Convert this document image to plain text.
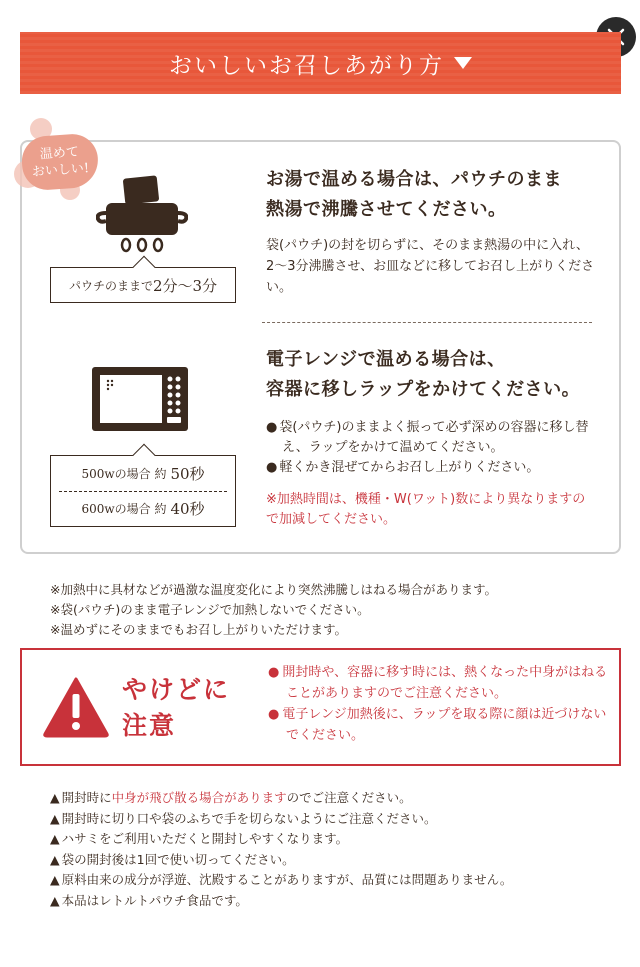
おいしいお召しあがり方
温めて
おいしい!
パウチのままで 2分〜3分
お湯で温める場合は、パウチのまま
熱湯で沸騰させてください。
袋(パウチ)の封を切らずに、そのまま熱湯の中に入れ、2〜3分沸騰させ、お皿などに移してお召し上がりください。
500wの場合 約 50秒
600wの場合 約 40秒
電子レンジで温める場合は、
容器に移しラップをかけてください。
● 袋(パウチ)のままよく振って必ず深めの容器に移し替え、ラップをかけて温めてください。
● 軽くかき混ぜてからお召し上がりください。
※加熱時間は、機種・W(ワット)数により異なりますので加減してください。
※加熱中に具材などが過激な温度変化により突然沸騰しはねる場合があります。
※袋(パウチ)のまま電子レンジで加熱しないでください。
※温めずにそのままでもお召し上がりいただけます。
やけどに
注意
● 開封時や、容器に移す時には、熱くなった中身がはねることがありますのでご注意ください。
● 電子レンジ加熱後に、ラップを取る際に顔は近づけないでください。
▲ 開封時に中身が飛び散る場合がありますのでご注意ください。
▲ 開封時に切り口や袋のふちで手を切らないようにご注意ください。
▲ ハサミをご利用いただくと開封しやすくなります。
▲ 袋の開封後は1回で使い切ってください。
▲ 原料由来の成分が浮遊、沈殿することがありますが、品質には問題ありません。
▲ 本品はレトルトパウチ食品です。
